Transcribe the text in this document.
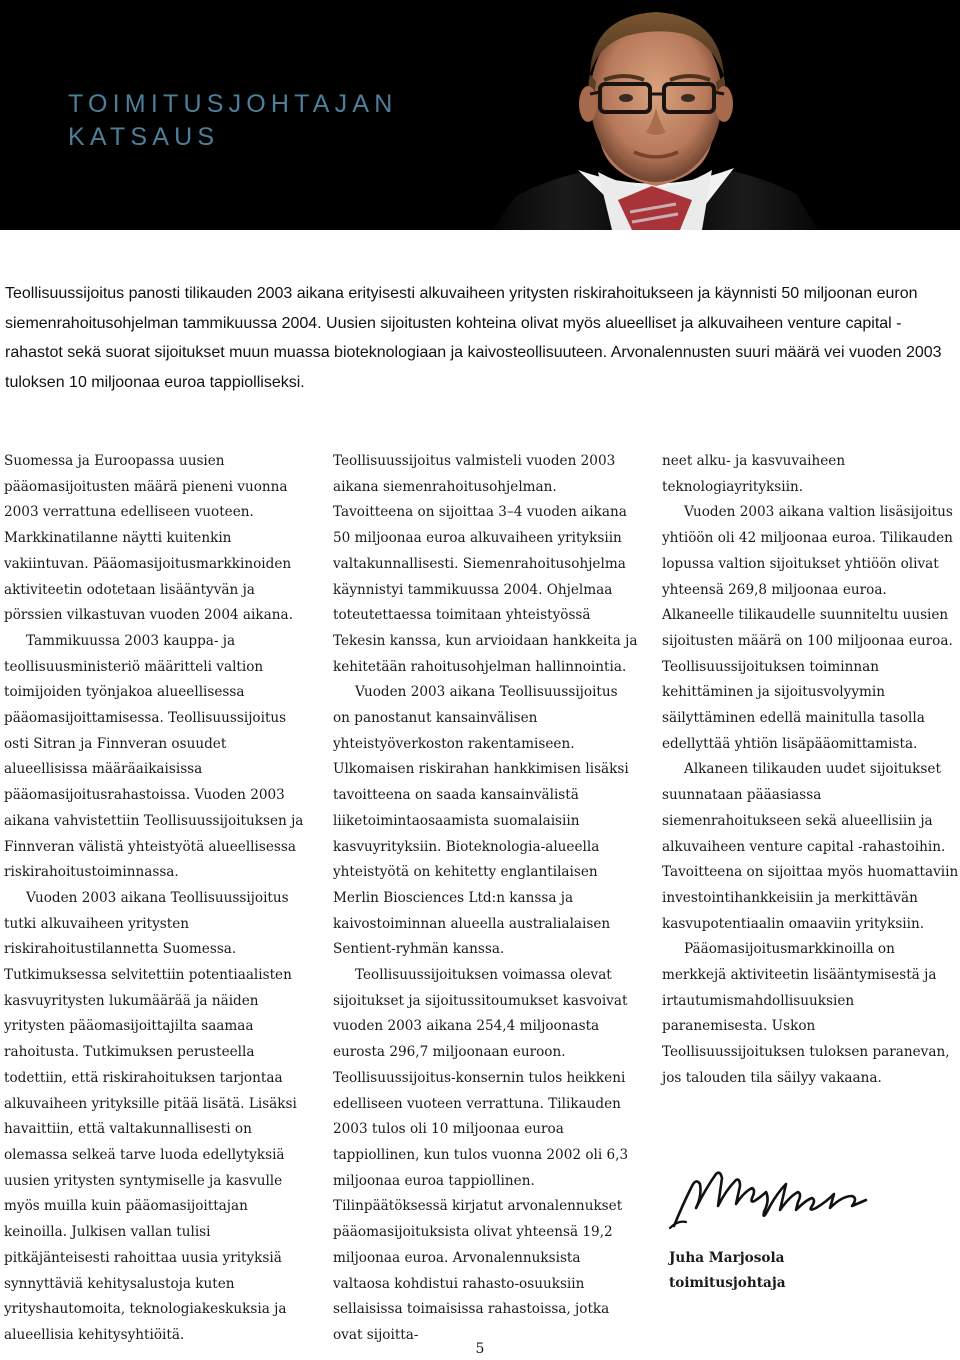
TOIMITUSJOHTAJAN
KATSAUS

Teollisuussijoitus panosti tilikauden 2003 aikana erityisesti alkuvaiheen yritysten riskirahoitukseen ja käynnisti 50 miljoonan euron siemenrahoitusohjelman tammikuussa 2004. Uusien sijoitusten kohteina olivat myös alueelliset ja alkuvaiheen venture capital -rahastot sekä suorat sijoitukset muun muassa bioteknologiaan ja kaivosteollisuuteen. Arvonalennusten suuri määrä vei vuoden 2003 tuloksen 10 miljoonaa euroa tappiolliseksi.

Suomessa ja Euroopassa uusien pääomasijoitusten määrä pieneni vuonna 2003 verrattuna edelliseen vuoteen. Markkinatilanne näytti kuitenkin vakiintuvan. Pääomasijoitusmarkkinoiden aktiviteetin odotetaan lisääntyvän ja pörssien vilkastuvan vuoden 2004 aikana.

Tammikuussa 2003 kauppa- ja teollisuusministeriö määritteli valtion toimijoiden työnjakoa alueellisessa pääomasijoittamisessa. Teollisuussijoitus osti Sitran ja Finnveran osuudet alueellisissa määräaikaisissa pääomasijoitusrahastoissa. Vuoden 2003 aikana vahvistettiin Teollisuussijoituksen ja Finnveran välistä yhteistyötä alueellisessa riskirahoitustoiminnassa.

Vuoden 2003 aikana Teollisuussijoitus tutki alkuvaiheen yritysten riskirahoitustilannetta Suomessa. Tutkimuksessa selvitettiin potentiaalisten kasvuyritysten lukumäärää ja näiden yritysten pääomasijoittajilta saamaa rahoitusta. Tutkimuksen perusteella todettiin, että riskirahoituksen tarjontaa alkuvaiheen yrityksille pitää lisätä. Lisäksi havaittiin, että valtakunnallisesti on olemassa selkeä tarve luoda edellytyksiä uusien yritysten syntymiselle ja kasvulle myös muilla kuin pääomasijoittajan keinoilla. Julkisen vallan tulisi pitkäjänteisesti rahoittaa uusia yrityksiä synnyttäviä kehitysalustoja kuten yrityshautomoita, teknologiakeskuksia ja alueellisia kehitysyhtiöitä.

Teollisuussijoitus valmisteli vuoden 2003 aikana siemenrahoitusohjelman. Tavoitteena on sijoittaa 3–4 vuoden aikana 50 miljoonaa euroa alkuvaiheen yrityksiin valtakunnallisesti. Siemenrahoitusohjelma käynnistyi tammikuussa 2004. Ohjelmaa toteutettaessa toimitaan yhteistyössä Tekesin kanssa, kun arvioidaan hankkeita ja kehitetään rahoitusohjelman hallinnointia.

Vuoden 2003 aikana Teollisuussijoitus on panostanut kansainvälisen yhteistyöverkoston rakentamiseen. Ulkomaisen riskirahan hankkimisen lisäksi tavoitteena on saada kansainvälistä liiketoimintaosaamista suomalaisiin kasvuyrityksiin. Bioteknologia-alueella yhteistyötä on kehitetty englantilaisen Merlin Biosciences Ltd:n kanssa ja kaivostoiminnan alueella australialaisen Sentient-ryhmän kanssa.

Teollisuussijoituksen voimassa olevat sijoitukset ja sijoitussitoumukset kasvoivat vuoden 2003 aikana 254,4 miljoonasta eurosta 296,7 miljoonaan euroon. Teollisuussijoitus-konsernin tulos heikkeni edelliseen vuoteen verrattuna. Tilikauden 2003 tulos oli 10 miljoonaa euroa tappiollinen, kun tulos vuonna 2002 oli 6,3 miljoonaa euroa tappiollinen. Tilinpäätöksessä kirjatut arvonalennukset pääomasijoituksista olivat yhteensä 19,2 miljoonaa euroa. Arvonalennuksista valtaosa kohdistui rahasto-osuuksiin sellaisissa toimaisissa rahastoissa, jotka ovat sijoitta-

neet alku- ja kasvuvaiheen teknologiayrityksiin.

Vuoden 2003 aikana valtion lisäsijoitus yhtiöön oli 42 miljoonaa euroa. Tilikauden lopussa valtion sijoitukset yhtiöön olivat yhteensä 269,8 miljoonaa euroa. Alkaneelle tilikaudelle suunniteltu uusien sijoitusten määrä on 100 miljoonaa euroa. Teollisuussijoituksen toiminnan kehittäminen ja sijoitusvolyymin säilyttäminen edellä mainitulla tasolla edellyttää yhtiön lisäpääomittamista.

Alkaneen tilikauden uudet sijoitukset suunnataan pääasiassa siemenrahoitukseen sekä alueellisiin ja alkuvaiheen venture capital -rahastoihin. Tavoitteena on sijoittaa myös huomattaviin investointihankkeisiin ja merkittävän kasvupotentiaalin omaaviin yrityksiin.

Pääomasijoitusmarkkinoilla on merkkejä aktiviteetin lisääntymisestä ja irtautumismahdollisuuksien paranemisesta. Uskon Teollisuussijoituksen tuloksen paranevan, jos talouden tila säilyy vakaana.

Juha Marjosola
toimitusjohtaja
5
